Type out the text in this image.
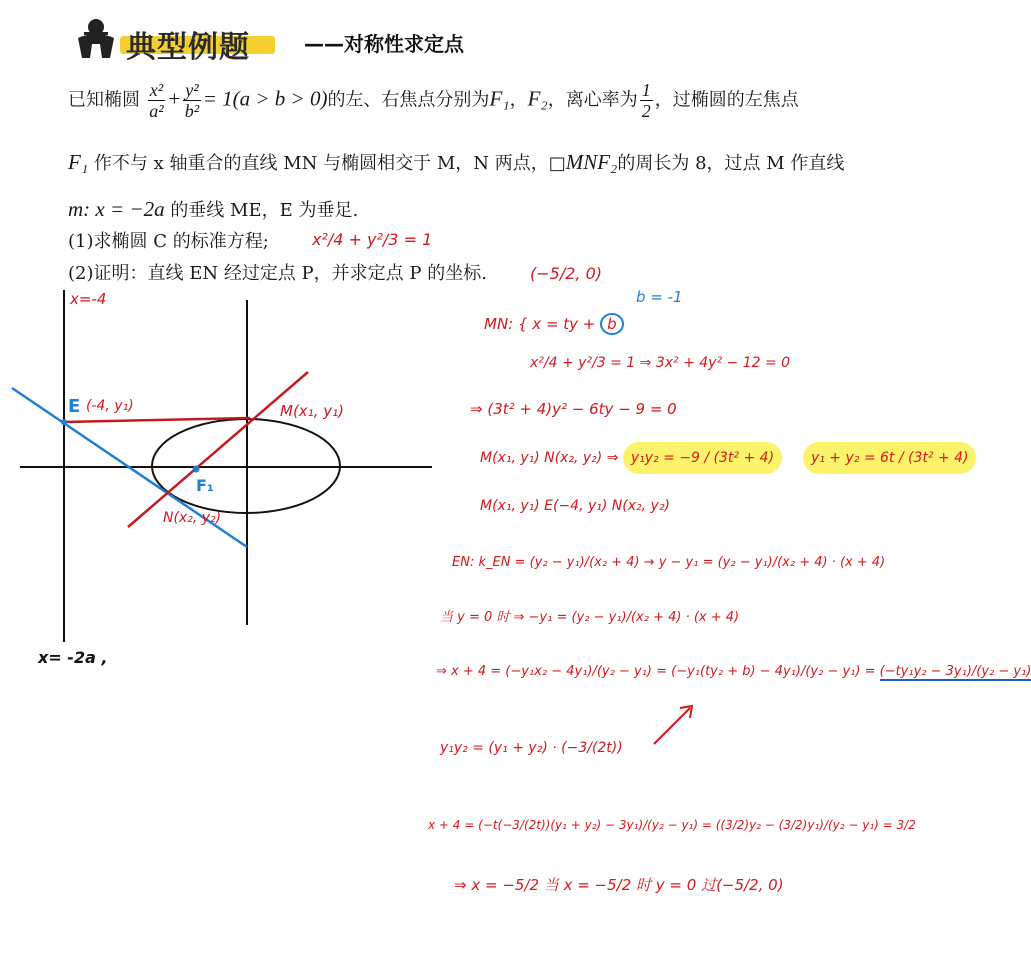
典型例题	——对称性求定点
已知椭圆 $\frac{\text{x²}}{\text{a²}} + \frac{\text{y²}}{\text{b²}} = 1(a > b > 0)$的左、右焦点分别为F₁，F₂，离心率为 $\frac{1}{2}$ ，过椭圆的左焦点
F₁ 作不与 x 轴重合的直线 MN 与椭圆相交于 M，N 两点，□MNF₂的周长为 8，过点 M 作直线
m: x = −2a 的垂线 ME，E 为垂足.
(1)求椭圆 C 的标准方程;	x²/4 + y²/3 = 1
(2)证明：直线 EN 经过定点 P，并求定点 P 的坐标.	(−5/2, 0)
x=-4
E (-4, y₁)	M(x₁, y₁)
F₁
N(x₂, y₂)
x= -2a ,
MN: { x = ty + b
b = -1
x²/4 + y²/3 = 1 ⇒ 3x² + 4y² − 12 = 0
⇒ (3t² + 4)y² − 6ty − 9 = 0
M(x₁, y₁) N(x₂, y₂) ⇒ y₁y₂ = −9 / (3t² + 4)	y₁ + y₂ = 6t / (3t² + 4)
M(x₁, y₁) E(−4, y₁) N(x₂, y₂)
EN: k_EN = (y₂ − y₁)/(x₂ + 4) → y − y₁ = (y₂ − y₁)/(x₂ + 4) · (x + 4)
当 y = 0 时 ⇒ −y₁ = (y₂ − y₁)/(x₂ + 4) · (x + 4)
⇒ x + 4 = (−y₁x₂ − 4y₁)/(y₂ − y₁) = (−y₁(ty₂ + b) − 4y₁)/(y₂ − y₁) = (−ty₁y₂ − 3y₁)/(y₂ − y₁)
y₁y₂ = (y₁ + y₂) · (−3/(2t))
x + 4 = (−t(−3/(2t))(y₁ + y₂) − 3y₁)/(y₂ − y₁) = ((3/2)y₂ − (3/2)y₁)/(y₂ − y₁) = 3/2
⇒ x = −5/2 当 x = −5/2 时 y = 0 过(−5/2, 0)
